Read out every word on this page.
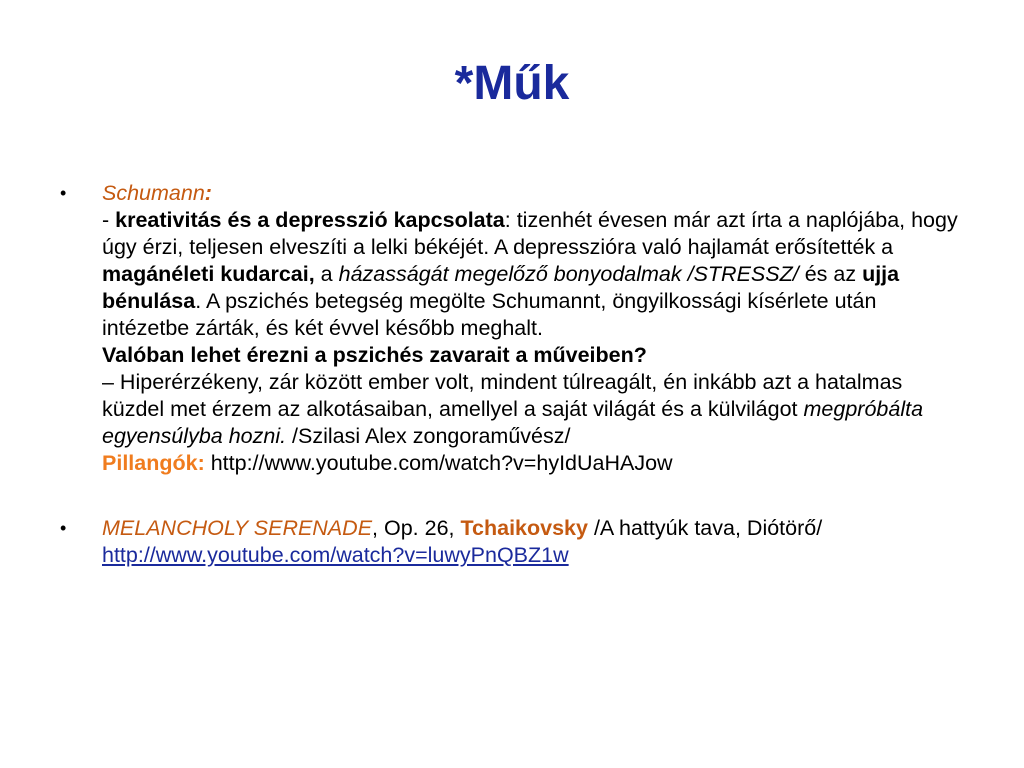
*Műk
• Schumann:
- kreativitás és a depresszió kapcsolata: tizenhét évesen már azt írta a naplójába, hogy úgy érzi, teljesen elveszíti a lelki békéjét. A depresszióra való hajlamát erősítették a magánéleti kudarcai, a házasságát megelőző bonyodalmak /STRESSZ/ és az ujja bénulása. A pszichés betegség megölte Schumannt, öngyilkossági kísérlete után intézetbe zárták, és két évvel később meghalt.
Valóban lehet érezni a pszichés zavarait a műveiben?
– Hiperérzékeny, zár között ember volt, mindent túlreagált, én inkább azt a hatalmas küzdel met érzem az alkotásaiban, amellyel a saját világát és a külvilágot megpróbálta egyensúlyba hozni. /Szilasi Alex zongoraművész/
Pillangók: http://www.youtube.com/watch?v=hyIdUaHAJow
• MELANCHOLY SERENADE, Op. 26, Tchaikovsky /A hattyúk tava, Diótörő/
http://www.youtube.com/watch?v=luwyPnQBZ1w
